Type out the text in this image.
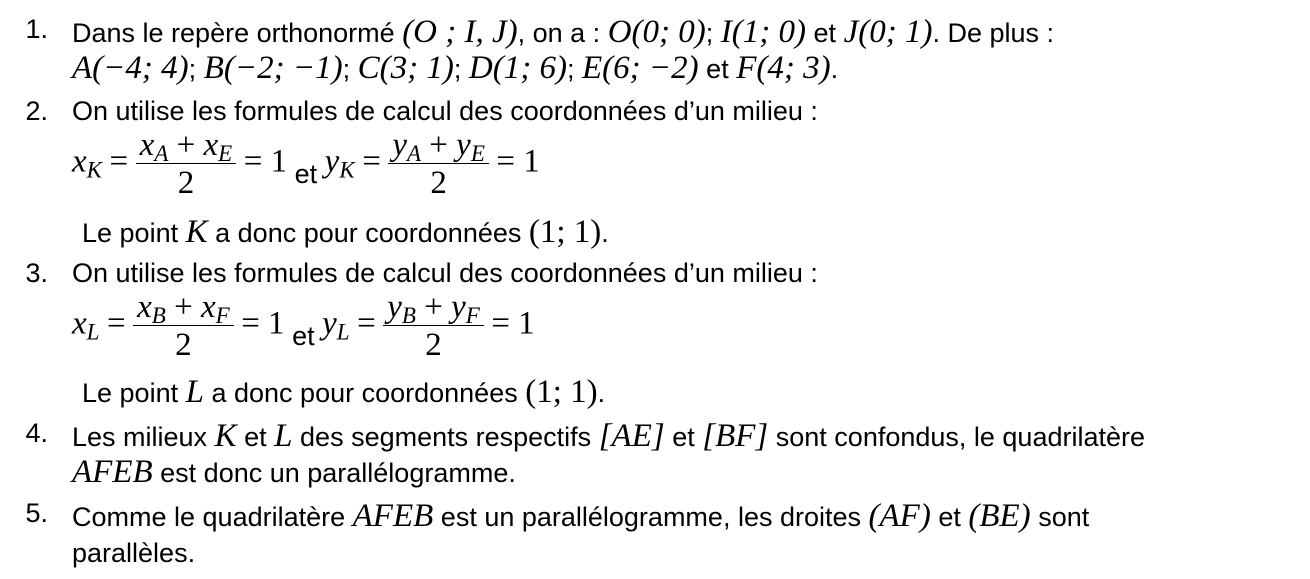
1. Dans le repère orthonormé (O ; I, J), on a : O(0; 0); I(1; 0) et J(0; 1). De plus :
A(−4; 4); B(−2; −1); C(3; 1); D(1; 6); E(6; −2) et F(4; 3).
2. On utilise les formules de calcul des coordonnées d’un milieu :
$x_K = \frac{x_A + x_E}{2} = 1$ et $y_K = \frac{y_A + y_E}{2} = 1$
Le point K a donc pour coordonnées (1; 1).
3. On utilise les formules de calcul des coordonnées d’un milieu :
$x_L = \frac{x_B + x_F}{2} = 1$ et $y_L = \frac{y_B + y_F}{2} = 1$
Le point L a donc pour coordonnées (1; 1).
4. Les milieux K et L des segments respectifs [AE] et [BF] sont confondus, le quadrilatère
AFEB est donc un parallélogramme.
5. Comme le quadrilatère AFEB est un parallélogramme, les droites (AF) et (BE) sont
parallèles.
